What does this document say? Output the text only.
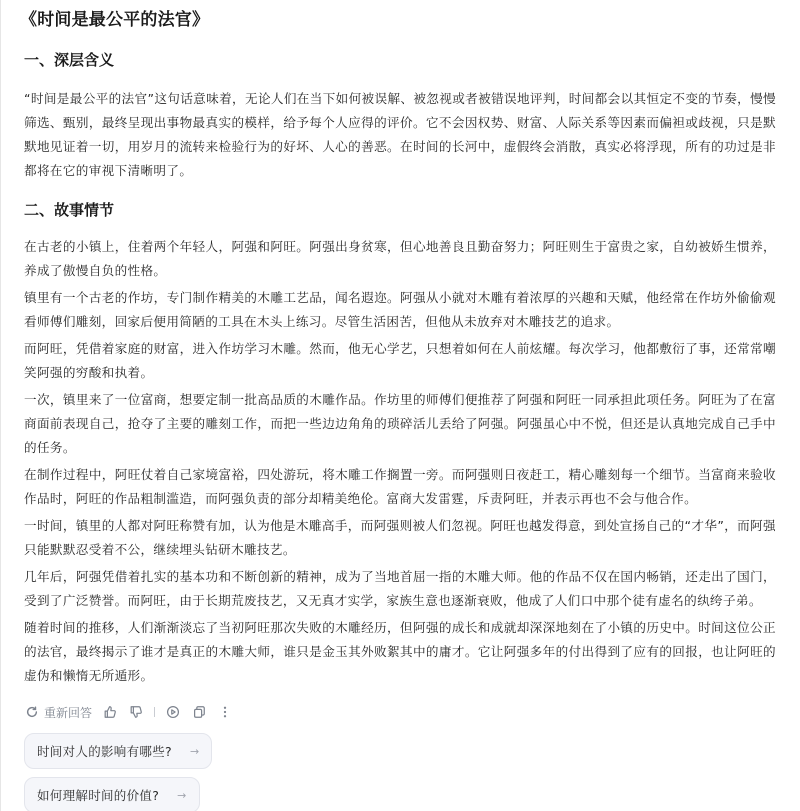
《时间是最公平的法官》
一、深层含义

“时间是最公平的法官”这句话意味着，无论人们在当下如何被误解、被忽视或者被错误地评判，时间都会以其恒定不变的节奏，慢慢筛选、甄别，最终呈现出事物最真实的模样，给予每个人应得的评价。它不会因权势、财富、人际关系等因素而偏袒或歧视，只是默默地见证着一切，用岁月的流转来检验行为的好坏、人心的善恶。在时间的长河中，虚假终会消散，真实必将浮现，所有的功过是非都将在它的审视下清晰明了。

二、故事情节

在古老的小镇上，住着两个年轻人，阿强和阿旺。阿强出身贫寒，但心地善良且勤奋努力；阿旺则生于富贵之家，自幼被娇生惯养，养成了傲慢自负的性格。

镇里有一个古老的作坊，专门制作精美的木雕工艺品，闻名遐迩。阿强从小就对木雕有着浓厚的兴趣和天赋，他经常在作坊外偷偷观看师傅们雕刻，回家后便用简陋的工具在木头上练习。尽管生活困苦，但他从未放弃对木雕技艺的追求。

而阿旺，凭借着家庭的财富，进入作坊学习木雕。然而，他无心学艺，只想着如何在人前炫耀。每次学习，他都敷衍了事，还常常嘲笑阿强的穷酸和执着。

一次，镇里来了一位富商，想要定制一批高品质的木雕作品。作坊里的师傅们便推荐了阿强和阿旺一同承担此项任务。阿旺为了在富商面前表现自己，抢夺了主要的雕刻工作，而把一些边边角角的琐碎活儿丢给了阿强。阿强虽心中不悦，但还是认真地完成自己手中的任务。

在制作过程中，阿旺仗着自己家境富裕，四处游玩，将木雕工作搁置一旁。而阿强则日夜赶工，精心雕刻每一个细节。当富商来验收作品时，阿旺的作品粗制滥造，而阿强负责的部分却精美绝伦。富商大发雷霆，斥责阿旺，并表示再也不会与他合作。

一时间，镇里的人都对阿旺称赞有加，认为他是木雕高手，而阿强则被人们忽视。阿旺也越发得意，到处宣扬自己的“才华”，而阿强只能默默忍受着不公，继续埋头钻研木雕技艺。

几年后，阿强凭借着扎实的基本功和不断创新的精神，成为了当地首屈一指的木雕大师。他的作品不仅在国内畅销，还走出了国门，受到了广泛赞誉。而阿旺，由于长期荒废技艺，又无真才实学，家族生意也逐渐衰败，他成了人们口中那个徒有虚名的纨绔子弟。

随着时间的推移，人们渐渐淡忘了当初阿旺那次失败的木雕经历，但阿强的成长和成就却深深地刻在了小镇的历史中。时间这位公正的法官，最终揭示了谁才是真正的木雕大师，谁只是金玉其外败絮其中的庸才。它让阿强多年的付出得到了应有的回报，也让阿旺的虚伪和懒惰无所遁形。

重新回答
时间对人的影响有哪些? →
如何理解时间的价值? →
